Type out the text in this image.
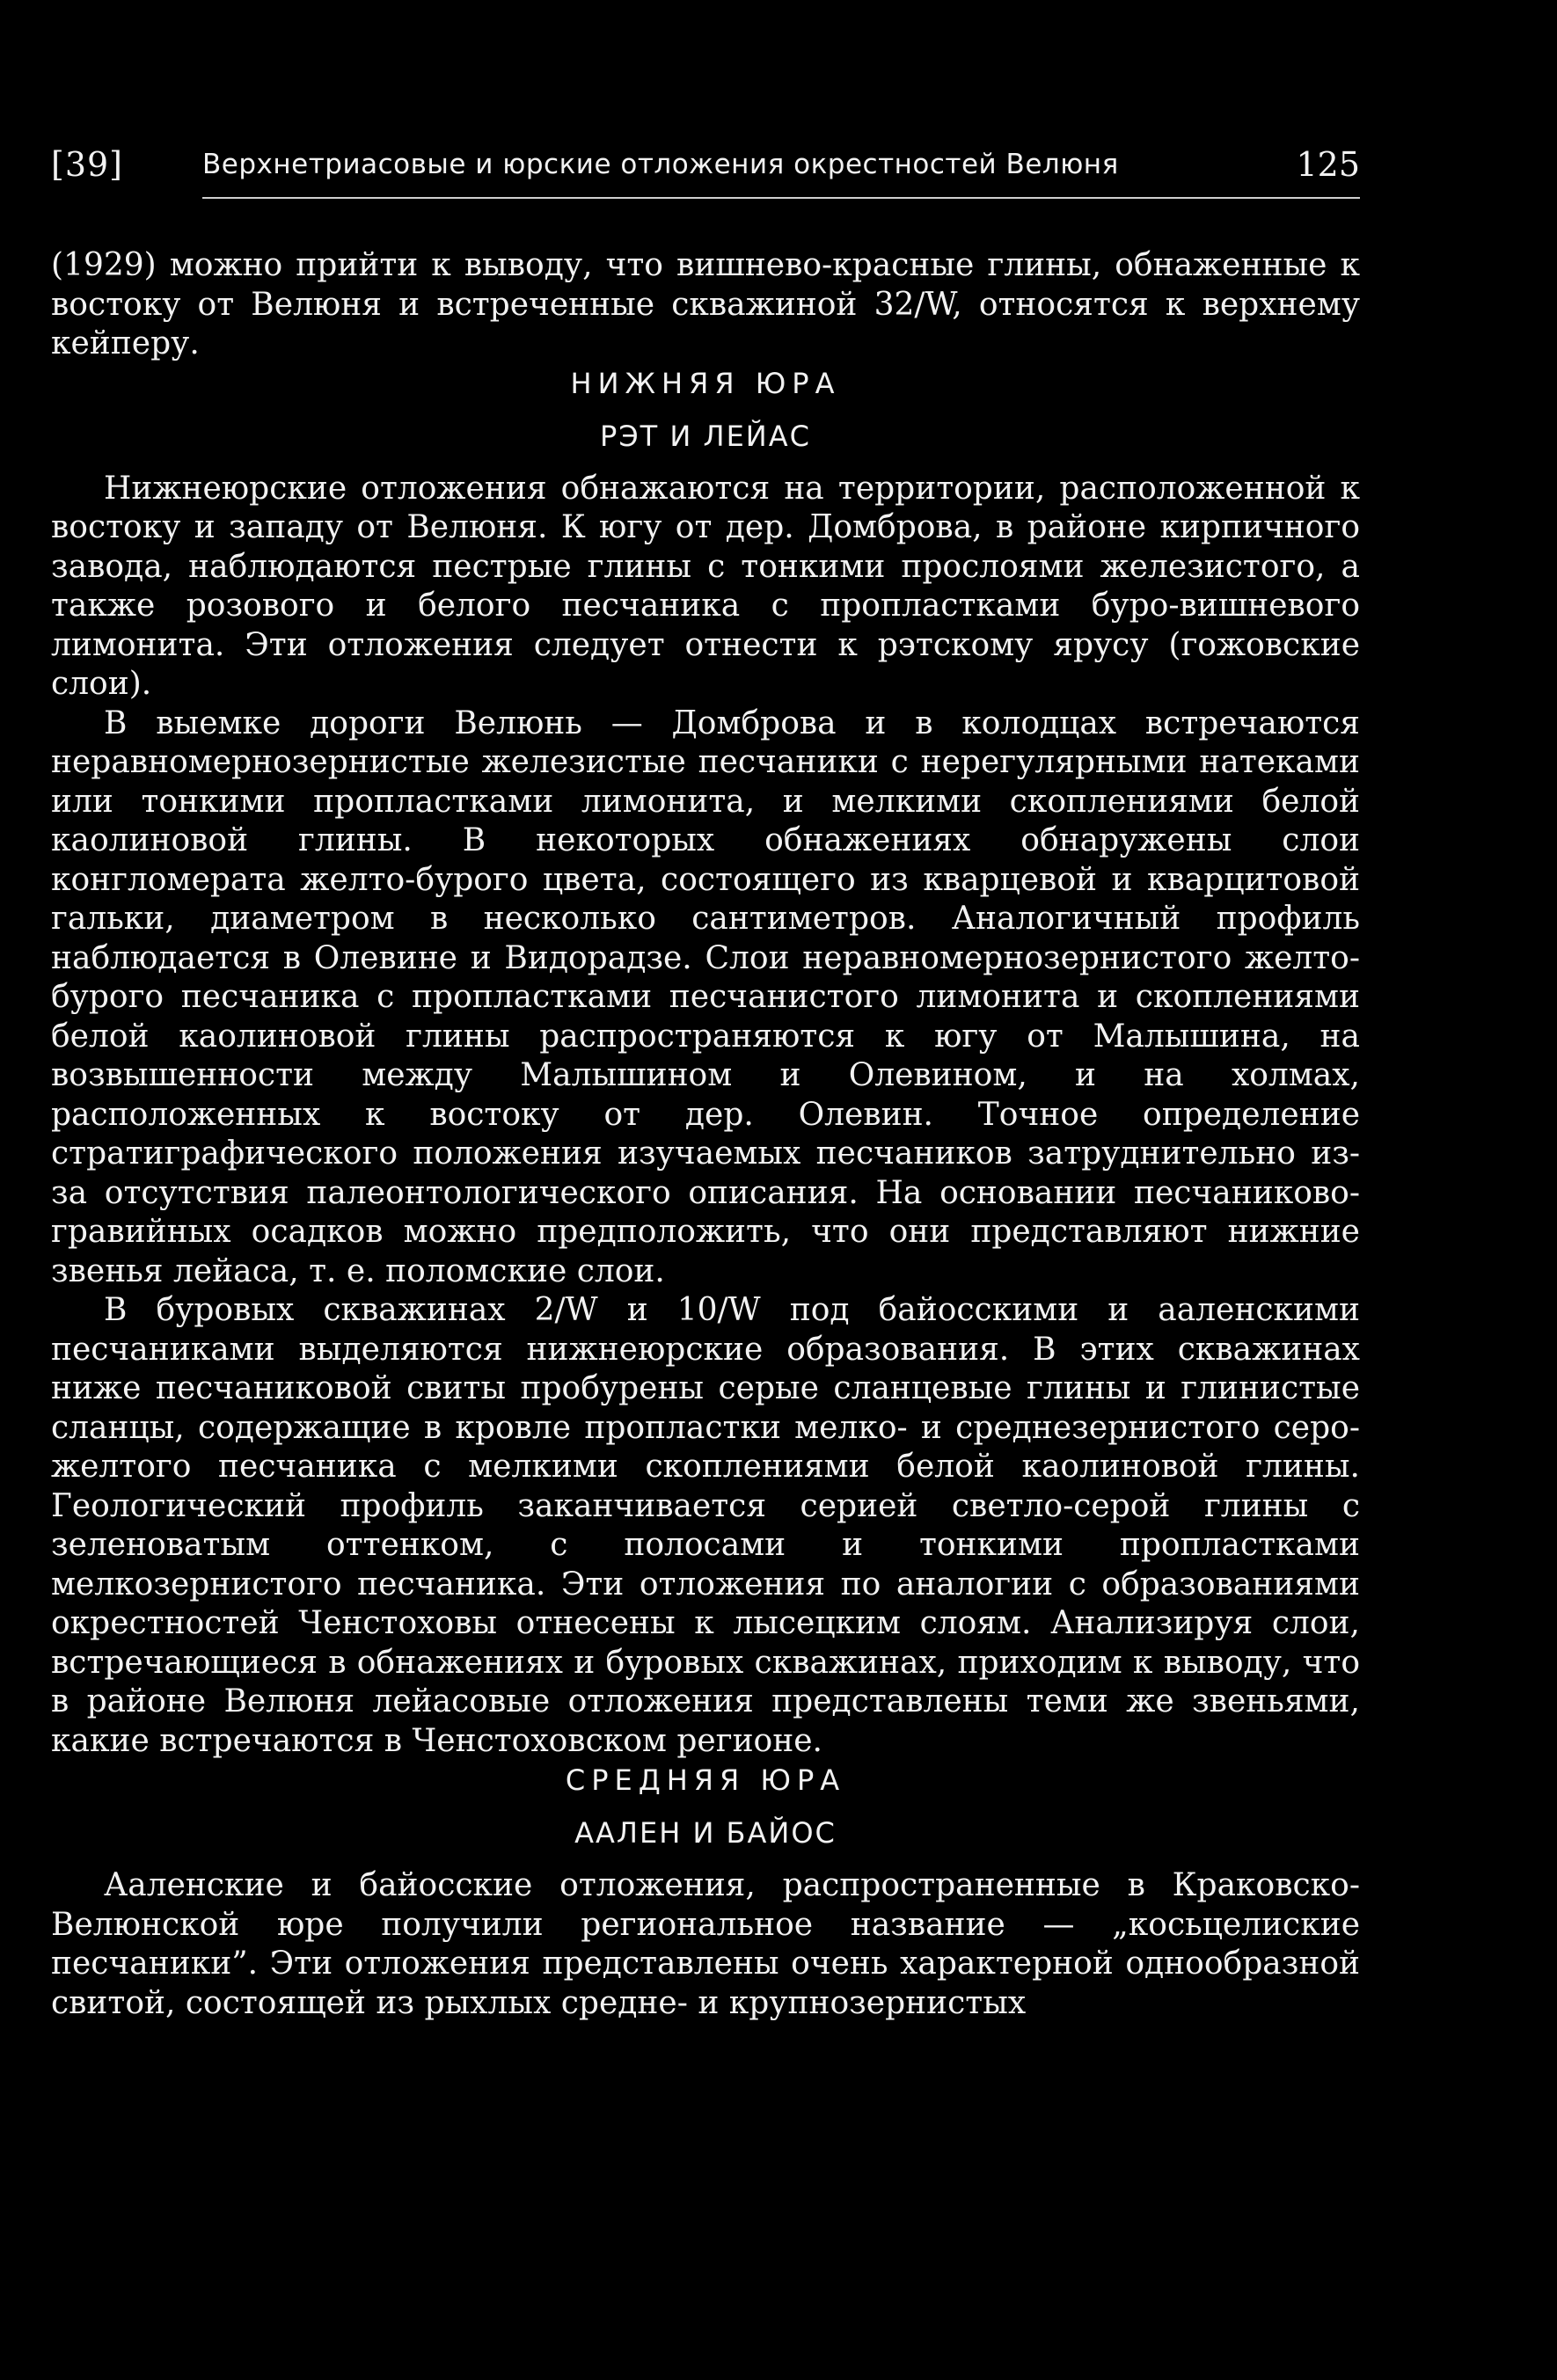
[39]	Верхнетриасовые и юрские отложения окрестностей Велюня	125

(1929) можно прийти к выводу, что вишнево-красные глины, обнаженные к востоку от Велюня и встреченные скважиной 32/W, относятся к верхнему кейперу.

НИЖНЯЯ ЮРА

РЭТ И ЛЕЙАС

Нижнеюрские отложения обнажаются на территории, расположенной к востоку и западу от Велюня. К югу от дер. Домброва, в районе кирпичного завода, наблюдаются пестрые глины с тонкими прослоями железистого, а также розового и белого песчаника с пропластками буро-вишневого лимонита. Эти отложения следует отнести к рэтскому ярусу (гожовские слои).

В выемке дороги Велюнь — Домброва и в колодцах встречаются неравномернозернистые железистые песчаники с нерегулярными натеками или тонкими пропластками лимонита, и мелкими скоплениями белой каолиновой глины. В некоторых обнажениях обнаружены слои конгломерата желто-бурого цвета, состоящего из кварцевой и кварцитовой гальки, диаметром в несколько сантиметров. Аналогичный профиль наблюдается в Олевине и Видорадзе. Слои неравномернозернистого желто-бурого песчаника с пропластками песчанистого лимонита и скоплениями белой каолиновой глины распространяются к югу от Малышина, на возвышенности между Малышином и Олевином, и на холмах, расположенных к востоку от дер. Олевин. Точное определение стратиграфического положения изучаемых песчаников затруднительно из-за отсутствия палеонтологического описания. На основании песчаниково-гравийных осадков можно предположить, что они представляют нижние звенья лейаса, т. е. поломские слои.

В буровых скважинах 2/W и 10/W под байосскими и ааленскими песчаниками выделяются нижнеюрские образования. В этих скважинах ниже песчаниковой свиты пробурены серые сланцевые глины и глинистые сланцы, содержащие в кровле пропластки мелко- и среднезернистого серо-желтого песчаника с мелкими скоплениями белой каолиновой глины. Геологический профиль заканчивается серией светло-серой глины с зеленоватым оттенком, с полосами и тонкими пропластками мелкозернистого песчаника. Эти отложения по аналогии с образованиями окрестностей Ченстоховы отнесены к лысецким слоям. Анализируя слои, встречающиеся в обнажениях и буровых скважинах, приходим к выводу, что в районе Велюня лейасовые отложения представлены теми же звеньями, какие встречаются в Ченстоховском регионе.

СРЕДНЯЯ ЮРА

ААЛЕН И БАЙОС

Ааленские и байосские отложения, распространенные в Краковско-Велюнской юре получили региональное название — „косьцелиские песчаники”. Эти отложения представлены очень характерной однообразной свитой, состоящей из рыхлых средне- и крупнозернистых
